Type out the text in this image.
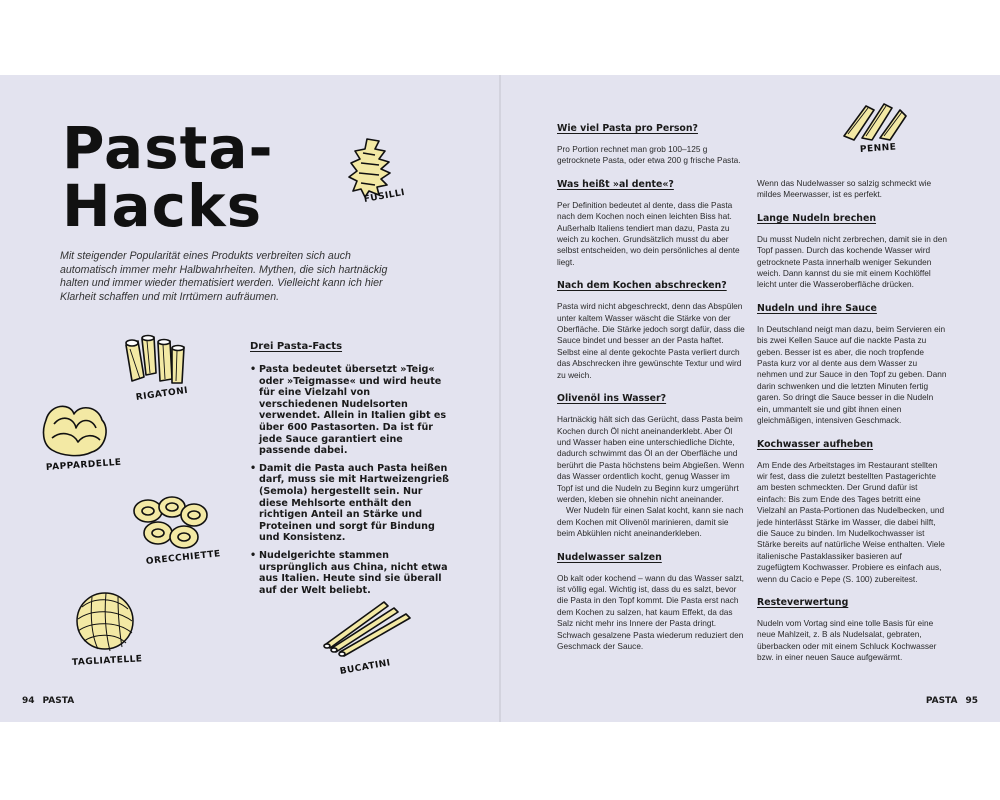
Pasta-
Hacks

Mit steigender Popularität eines Produkts verbreiten sich auch automatisch immer mehr Halbwahrheiten. Mythen, die sich hartnäckig halten und immer wieder thematisiert werden. Vielleicht kann ich hier Klarheit schaffen und mit Irrtümern aufräumen.

FUSILLI
RIGATONI
PAPPARDELLE
ORECCHIETTE
TAGLIATELLE	BUCATINI
Drei Pasta-Facts
• Pasta bedeutet übersetzt »Teig« oder »Teigmasse« und wird heute für eine Vielzahl von verschiedenen Nudelsorten verwendet. Allein in Italien gibt es über 600 Pastasorten. Da ist für jede Sauce garantiert eine passende dabei.
• Damit die Pasta auch Pasta heißen darf, muss sie mit Hartweizengrieß (Semola) hergestellt sein. Nur diese Mehlsorte enthält den richtigen Anteil an Stärke und Proteinen und sorgt für Bindung und Konsistenz.
• Nudelgerichte stammen ursprünglich aus China, nicht etwa aus Italien. Heute sind sie überall auf der Welt beliebt.
94 PASTA
PENNE
Wie viel Pasta pro Person?

Pro Portion rechnet man grob 100–125 g getrocknete Pasta, oder etwa 200 g frische Pasta.

Was heißt »al dente«?

Per Definition bedeutet al dente, dass die Pasta nach dem Kochen noch einen leichten Biss hat. Außerhalb Italiens tendiert man dazu, Pasta zu weich zu kochen. Grundsätzlich musst du aber selbst entscheiden, wo dein persönliches al dente liegt.

Nach dem Kochen abschrecken?

Pasta wird nicht abgeschreckt, denn das Abspülen unter kaltem Wasser wäscht die Stärke von der Oberfläche. Die Stärke jedoch sorgt dafür, dass die Sauce bindet und besser an der Pasta haftet. Selbst eine al dente gekochte Pasta verliert durch das Abschrecken ihre gewünschte Textur und wird zu weich.

Olivenöl ins Wasser?

Hartnäckig hält sich das Gerücht, dass Pasta beim Kochen durch Öl nicht aneinanderklebt. Aber Öl und Wasser haben eine unterschiedliche Dichte, dadurch schwimmt das Öl an der Oberfläche und berührt die Pasta höchstens beim Abgießen. Wenn das Wasser ordentlich kocht, genug Wasser im Topf ist und die Nudeln zu Beginn kurz umgerührt werden, kleben sie ohnehin nicht aneinander.

Wer Nudeln für einen Salat kocht, kann sie nach dem Kochen mit Olivenöl marinieren, damit sie beim Abkühlen nicht aneinanderkleben.

Nudelwasser salzen

Ob kalt oder kochend – wann du das Wasser salzt, ist völlig egal. Wichtig ist, dass du es salzt, bevor die Pasta in den Topf kommt. Die Pasta erst nach dem Kochen zu salzen, hat kaum Effekt, da das Salz nicht mehr ins Innere der Pasta dringt. Schwach gesalzene Pasta wiederum reduziert den Geschmack der Sauce.

Wenn das Nudelwasser so salzig schmeckt wie mildes Meerwasser, ist es perfekt.

Lange Nudeln brechen

Du musst Nudeln nicht zerbrechen, damit sie in den Topf passen. Durch das kochende Wasser wird getrocknete Pasta innerhalb weniger Sekunden weich. Dann kannst du sie mit einem Kochlöffel leicht unter die Wasseroberfläche drücken.

Nudeln und ihre Sauce

In Deutschland neigt man dazu, beim Servieren ein bis zwei Kellen Sauce auf die nackte Pasta zu geben. Besser ist es aber, die noch tropfende Pasta kurz vor al dente aus dem Wasser zu nehmen und zur Sauce in den Topf zu geben. Dann darin schwenken und die letzten Minuten fertig garen. So dringt die Sauce besser in die Nudeln ein, ummantelt sie und gibt ihnen einen gleichmäßigen, intensiven Geschmack.

Kochwasser aufheben

Am Ende des Arbeitstages im Restaurant stellten wir fest, dass die zuletzt bestellten Pastagerichte am besten schmeckten. Der Grund dafür ist einfach: Bis zum Ende des Tages betritt eine Vielzahl an Pasta-Portionen das Nudelbecken, und jede hinterlässt Stärke im Wasser, die dabei hilft, die Sauce zu binden. Im Nudelkochwasser ist Stärke bereits auf natürliche Weise enthalten. Viele italienische Pastaklassiker basieren auf zugefügtem Kochwasser. Probiere es einfach aus, wenn du Cacio e Pepe (S. 100) zubereitest.

Resteverwertung

Nudeln vom Vortag sind eine tolle Basis für eine neue Mahlzeit, z. B als Nudelsalat, gebraten, überbacken oder mit einem Schluck Kochwasser bzw. in einer neuen Sauce aufgewärmt.

PASTA 95
